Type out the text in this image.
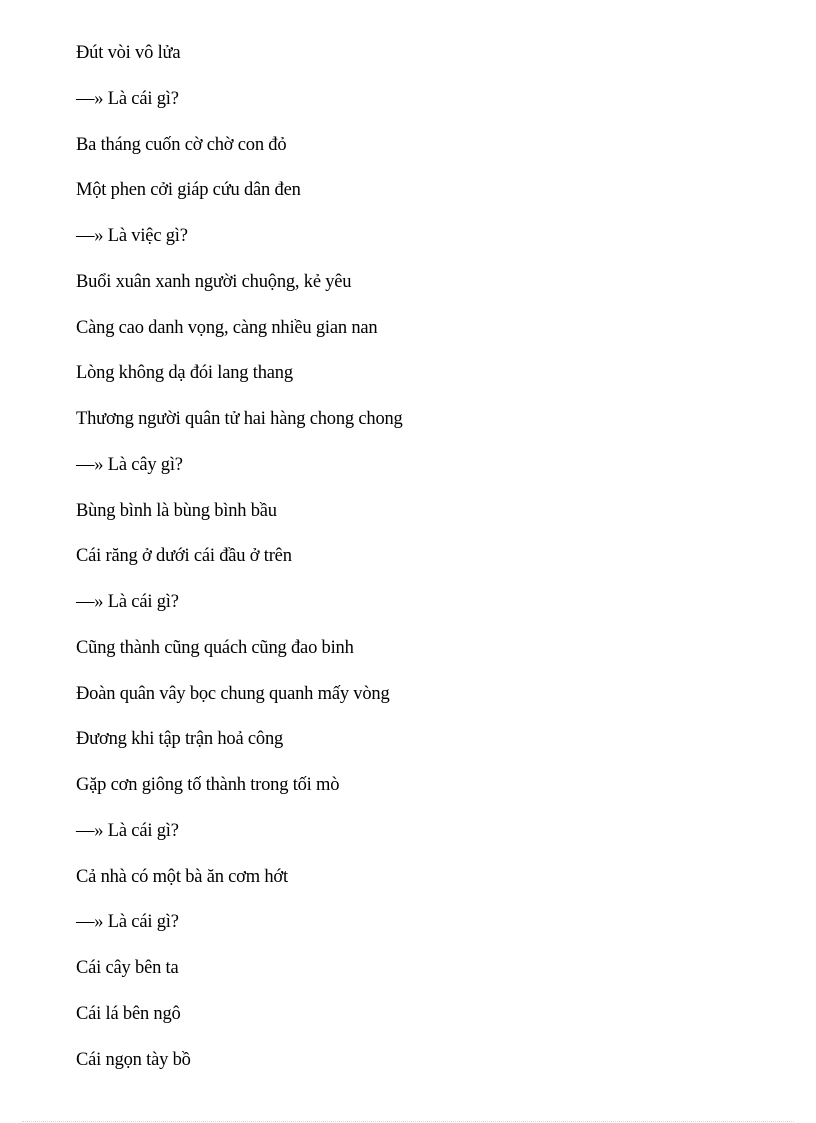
Đút vòi vô lửa
—» Là cái gì?
Ba tháng cuốn cờ chờ con đỏ
Một phen cởi giáp cứu dân đen
—» Là việc gì?
Buổi xuân xanh người chuộng, kẻ yêu
Càng cao danh vọng, càng nhiều gian nan
Lòng không dạ đói lang thang
Thương người quân tử hai hàng chong chong
—» Là cây gì?
Bùng bình là bùng bình bầu
Cái răng ở dưới cái đầu ở trên
—» Là cái gì?
Cũng thành cũng quách cũng đao binh
Đoàn quân vây bọc chung quanh mấy vòng
Đương khi tập trận hoả công
Gặp cơn giông tố thành trong tối mò
—» Là cái gì?
Cả nhà có một bà ăn cơm hớt
—» Là cái gì?
Cái cây bên ta
Cái lá bên ngô
Cái ngọn tày bồ
